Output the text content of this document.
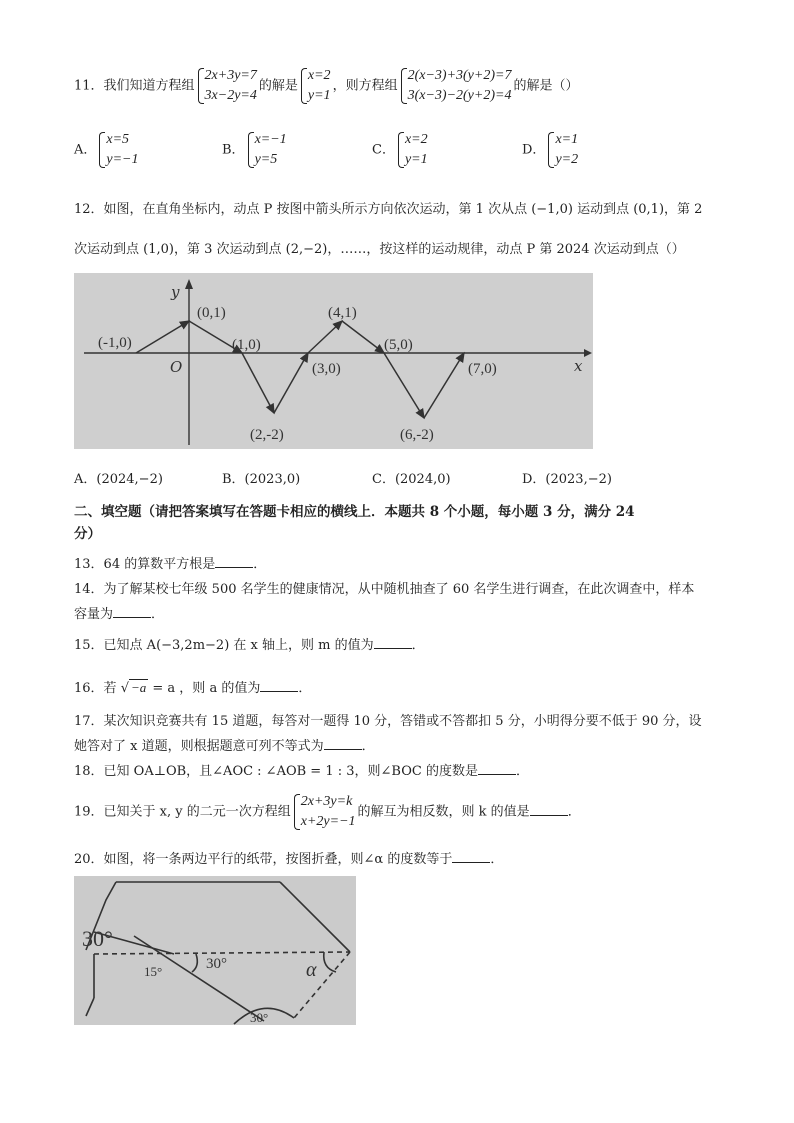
11．我们知道方程组
2x+3y=7
3x−2y=4
的解是
x=2
y=1
，则方程组
2(x−3)+3(y+2)=7
3(x−3)−2(y+2)=4
的解是（）
A．
x=5
y=−1
B．
x=−1
y=5
C．
x=2
y=1
D．
x=1
y=2
12．如图，在直角坐标内，动点 P 按图中箭头所示方向依次运动，第 1 次从点 (−1,0) 运动到点 (0,1)，第 2
次运动到点 (1,0)，第 3 次运动到点 (2,−2)，……，按这样的运动规律，动点 P 第 2024 次运动到点（）
x
y
O
(-1,0)
(0,1)
(1,0)
(2,-2)
(3,0)
(4,1)
(5,0)
(6,-2)
(7,0)
A．(2024,−2)	B．(2023,0)	C．(2024,0)	D．(2023,−2)
二、填空题（请把答案填写在答题卡相应的横线上．本题共 8 个小题，每小题 3 分，满分 24
分）
13．64 的算数平方根是	．
14．为了解某校七年级 500 名学生的健康情况，从中随机抽查了 60 名学生进行调查，在此次调查中，样本
容量为	．
15．已知点 A(−3,2m−2) 在 x 轴上，则 m 的值为	．
16．若 √ −a = a ，则 a 的值为	．
17．某次知识竞赛共有 15 道题，每答对一题得 10 分，答错或不答都扣 5 分，小明得分要不低于 90 分，设
她答对了 x 道题，则根据题意可列不等式为	．
18．已知 OA⊥OB，且∠AOC : ∠AOB = 1 : 3，则∠BOC 的度数是	．
19．已知关于 x, y 的二元一次方程组
2x+3y=k
x+2y=−1
的解互为相反数，则 k 的值是	．
20．如图，将一条两边平行的纸带，按图折叠，则∠α 的度数等于	．
30°
15°	30°	α
30°
